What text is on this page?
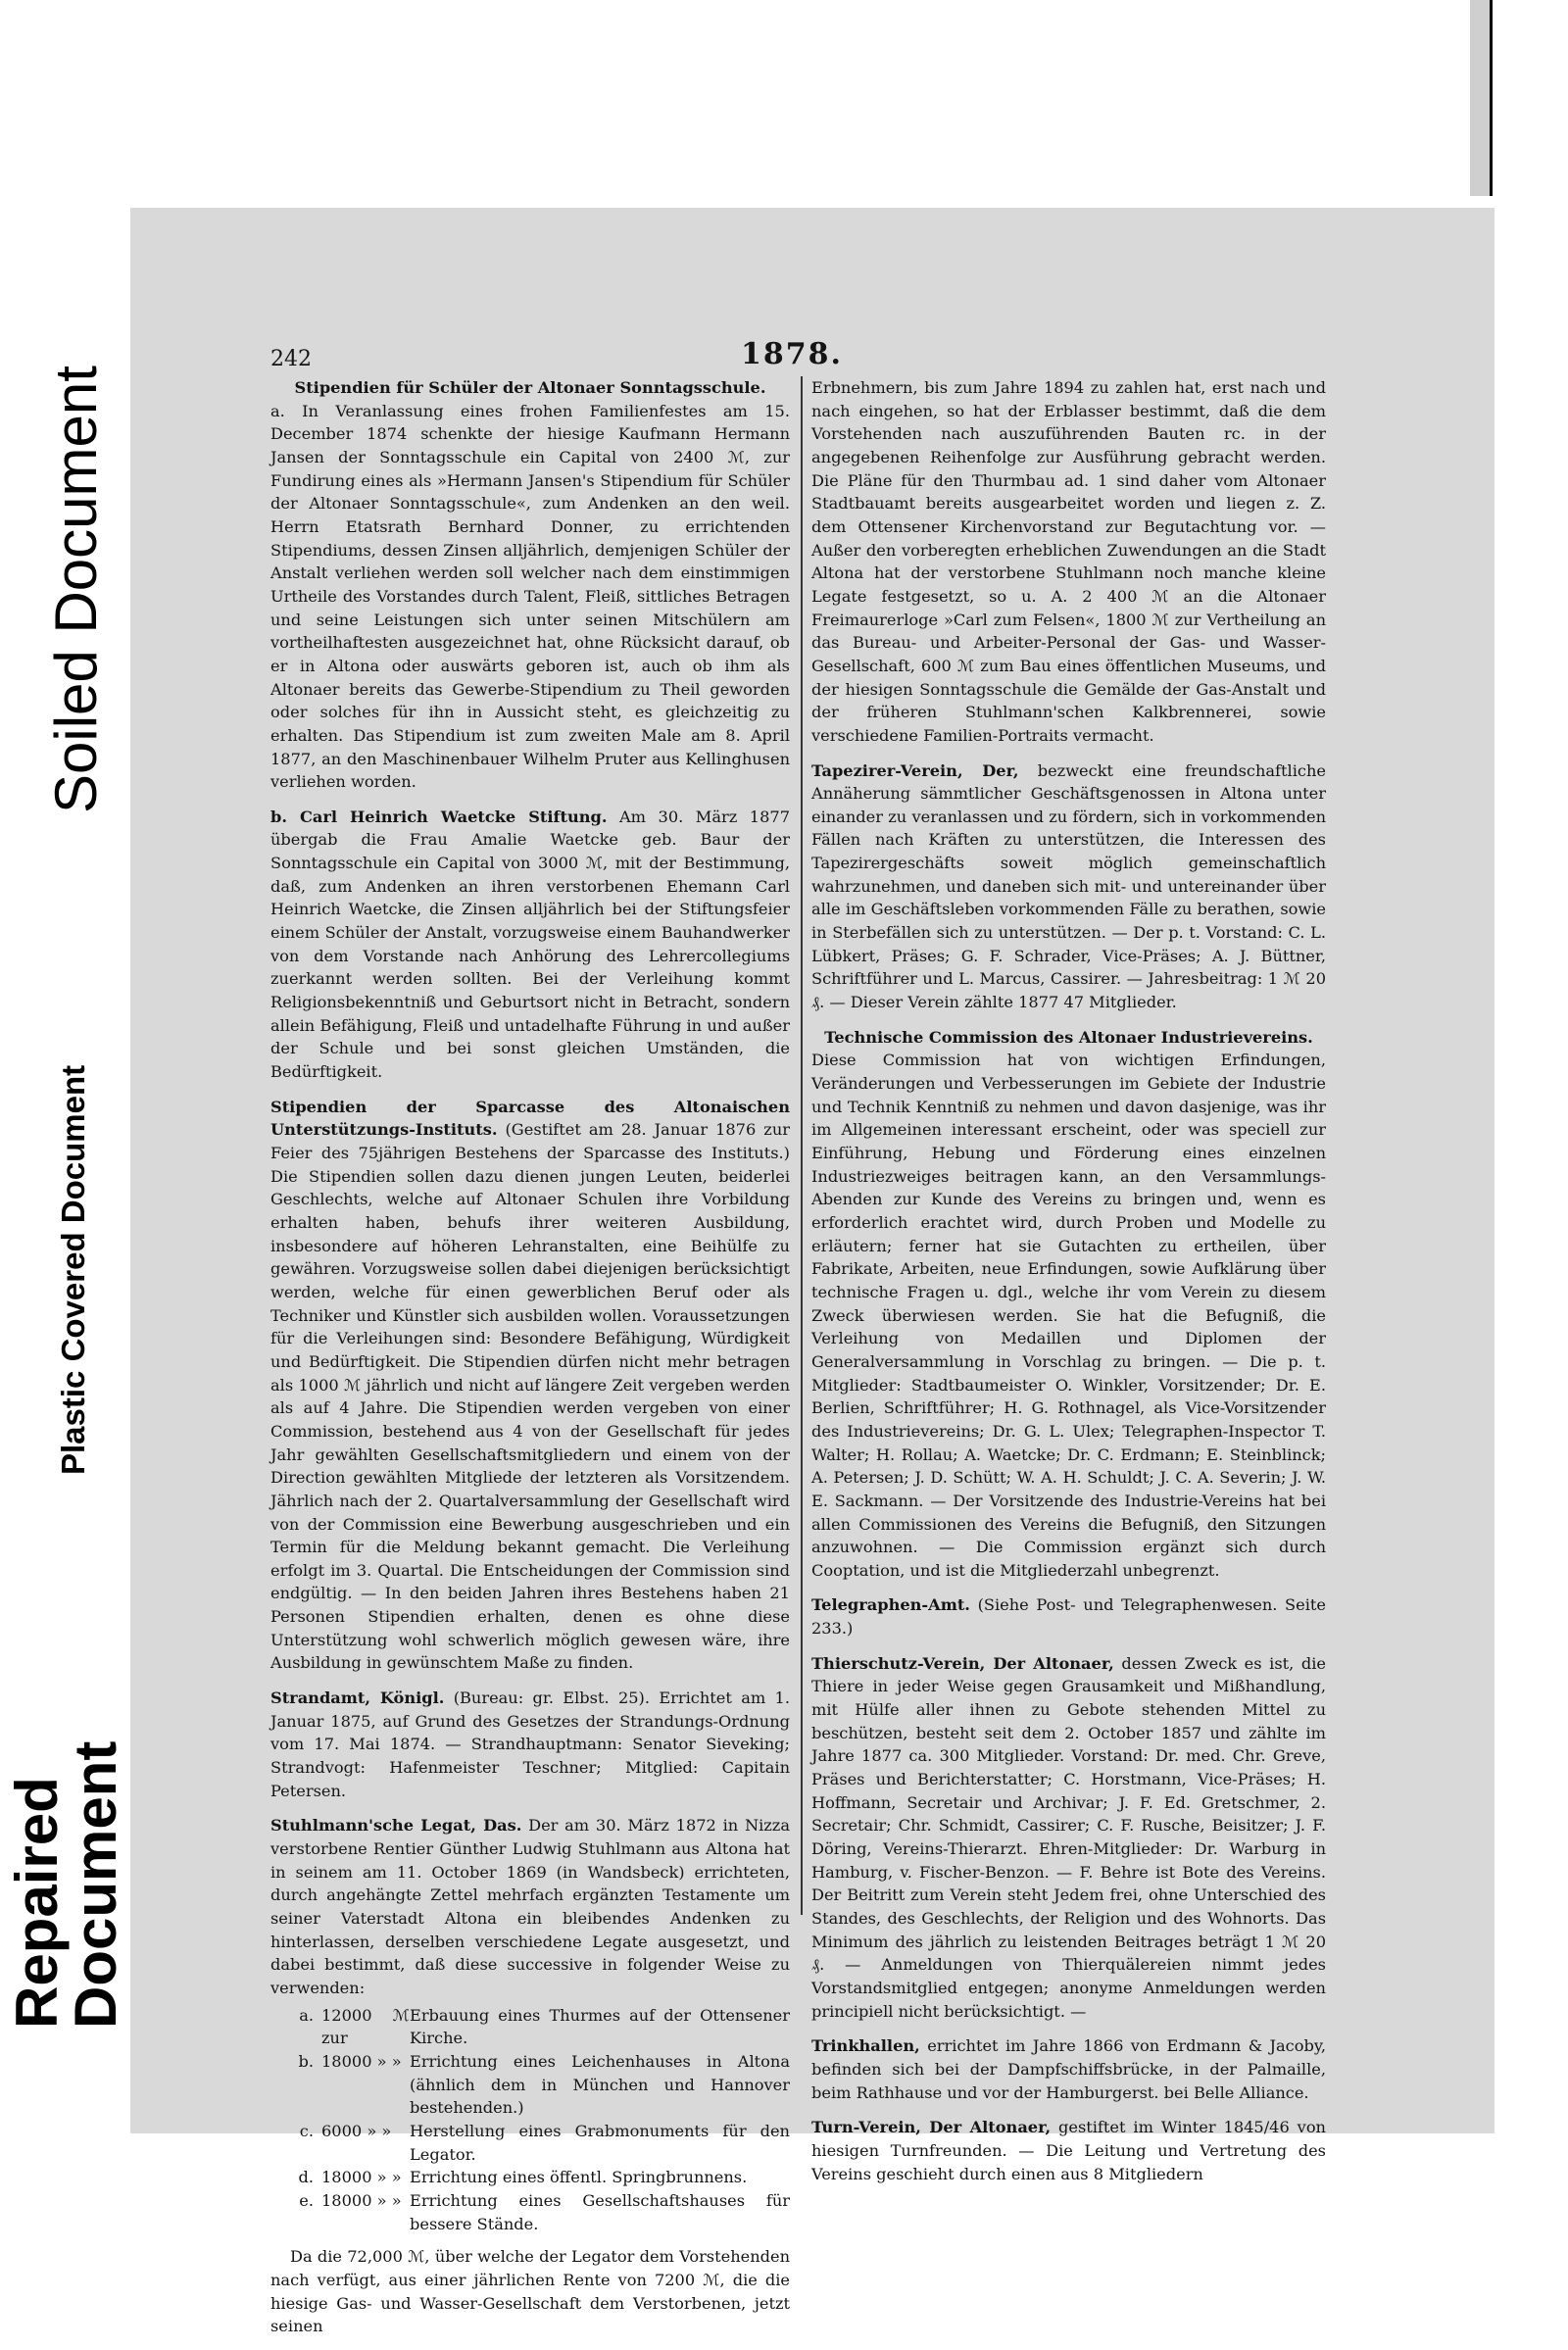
Repaired
Document
Plastic Covered Document
Soiled Document
242	1878.
Stipendien für Schüler der Altonaer Sonntagsschule.

a. In Veranlassung eines frohen Familienfestes am 15. December 1874 schenkte der hiesige Kaufmann Hermann Jansen der Sonntagsschule ein Capital von 2400 ℳ, zur Fundirung eines als »Hermann Jansen's Stipendium für Schüler der Altonaer Sonntagsschule«, zum Andenken an den weil. Herrn Etatsrath Bernhard Donner, zu errichtenden Stipendiums, dessen Zinsen alljährlich, demjenigen Schüler der Anstalt verliehen werden soll welcher nach dem einstimmigen Urtheile des Vorstandes durch Talent, Fleiß, sittliches Betragen und seine Leistungen sich unter seinen Mitschülern am vortheilhaftesten ausgezeichnet hat, ohne Rücksicht darauf, ob er in Altona oder auswärts geboren ist, auch ob ihm als Altonaer bereits das Gewerbe-Stipendium zu Theil geworden oder solches für ihn in Aussicht steht, es gleichzeitig zu erhalten. Das Stipendium ist zum zweiten Male am 8. April 1877, an den Maschinenbauer Wilhelm Pruter aus Kellinghusen verliehen worden.

b. Carl Heinrich Waetcke Stiftung. Am 30. März 1877 übergab die Frau Amalie Waetcke geb. Baur der Sonntagsschule ein Capital von 3000 ℳ, mit der Bestimmung, daß, zum Andenken an ihren verstorbenen Ehemann Carl Heinrich Waetcke, die Zinsen alljährlich bei der Stiftungsfeier einem Schüler der Anstalt, vorzugsweise einem Bauhandwerker von dem Vorstande nach Anhörung des Lehrercollegiums zuerkannt werden sollten. Bei der Verleihung kommt Religionsbekenntniß und Geburtsort nicht in Betracht, sondern allein Befähigung, Fleiß und untadelhafte Führung in und außer der Schule und bei sonst gleichen Umständen, die Bedürftigkeit.

Stipendien der Sparcasse des Altonaischen Unterstützungs-Instituts. (Gestiftet am 28. Januar 1876 zur Feier des 75jährigen Bestehens der Sparcasse des Instituts.) Die Stipendien sollen dazu dienen jungen Leuten, beiderlei Geschlechts, welche auf Altonaer Schulen ihre Vorbildung erhalten haben, behufs ihrer weiteren Ausbildung, insbesondere auf höheren Lehranstalten, eine Beihülfe zu gewähren. Vorzugsweise sollen dabei diejenigen berücksichtigt werden, welche für einen gewerblichen Beruf oder als Techniker und Künstler sich ausbilden wollen. Voraussetzungen für die Verleihungen sind: Besondere Befähigung, Würdigkeit und Bedürftigkeit. Die Stipendien dürfen nicht mehr betragen als 1000 ℳ jährlich und nicht auf längere Zeit vergeben werden als auf 4 Jahre. Die Stipendien werden vergeben von einer Commission, bestehend aus 4 von der Gesellschaft für jedes Jahr gewählten Gesellschaftsmitgliedern und einem von der Direction gewählten Mitgliede der letzteren als Vorsitzendem. Jährlich nach der 2. Quartalversammlung der Gesellschaft wird von der Commission eine Bewerbung ausgeschrieben und ein Termin für die Meldung bekannt gemacht. Die Verleihung erfolgt im 3. Quartal. Die Entscheidungen der Commission sind endgültig. — In den beiden Jahren ihres Bestehens haben 21 Personen Stipendien erhalten, denen es ohne diese Unterstützung wohl schwerlich möglich gewesen wäre, ihre Ausbildung in gewünschtem Maße zu finden.

Strandamt, Königl. (Bureau: gr. Elbst. 25). Errichtet am 1. Januar 1875, auf Grund des Gesetzes der Strandungs-Ordnung vom 17. Mai 1874. — Strandhauptmann: Senator Sieveking; Strandvogt: Hafenmeister Teschner; Mitglied: Capitain Petersen.

Stuhlmann'sche Legat, Das. Der am 30. März 1872 in Nizza verstorbene Rentier Günther Ludwig Stuhlmann aus Altona hat in seinem am 11. October 1869 (in Wandsbeck) errichteten, durch angehängte Zettel mehrfach ergänzten Testamente um seiner Vaterstadt Altona ein bleibendes Andenken zu hinterlassen, derselben verschiedene Legate ausgesetzt, und dabei bestimmt, daß diese successive in folgender Weise zu verwenden:

a. 12000 ℳ zur
Erbauung eines Thurmes auf der Ottensener Kirche.
b. 18000 » » Errichtung eines Leichenhauses in Altona (ähnlich dem in München und Hannover bestehenden.)
c. 6000 » »	Herstellung eines Grabmonuments für den Legator.
d. 18000 » » Errichtung eines öffentl. Springbrunnens.
e. 18000 » » Errichtung eines Gesellschaftshauses für bessere Stände.

Da die 72,000 ℳ, über welche der Legator dem Vorstehenden nach verfügt, aus einer jährlichen Rente von 7200 ℳ, die die hiesige Gas- und Wasser-Gesellschaft dem Verstorbenen, jetzt seinen

Erbnehmern, bis zum Jahre 1894 zu zahlen hat, erst nach und nach eingehen, so hat der Erblasser bestimmt, daß die dem Vorstehenden nach auszuführenden Bauten rc. in der angegebenen Reihenfolge zur Ausführung gebracht werden. Die Pläne für den Thurmbau ad. 1 sind daher vom Altonaer Stadtbauamt bereits ausgearbeitet worden und liegen z. Z. dem Ottensener Kirchenvorstand zur Begutachtung vor. — Außer den vorberegten erheblichen Zuwendungen an die Stadt Altona hat der verstorbene Stuhlmann noch manche kleine Legate festgesetzt, so u. A. 2 400 ℳ an die Altonaer Freimaurerloge »Carl zum Felsen«, 1800 ℳ zur Vertheilung an das Bureau- und Arbeiter-Personal der Gas- und Wasser-Gesellschaft, 600 ℳ zum Bau eines öffentlichen Museums, und der hiesigen Sonntagsschule die Gemälde der Gas-Anstalt und der früheren Stuhlmann'schen Kalkbrennerei, sowie verschiedene Familien-Portraits vermacht.

Tapezirer-Verein, Der, bezweckt eine freundschaftliche Annäherung sämmtlicher Geschäftsgenossen in Altona unter einander zu veranlassen und zu fördern, sich in vorkommenden Fällen nach Kräften zu unterstützen, die Interessen des Tapezirergeschäfts soweit möglich gemeinschaftlich wahrzunehmen, und daneben sich mit- und untereinander über alle im Geschäftsleben vorkommenden Fälle zu berathen, sowie in Sterbefällen sich zu unterstützen. — Der p. t. Vorstand: C. L. Lübkert, Präses; G. F. Schrader, Vice-Präses; A. J. Büttner, Schriftführer und L. Marcus, Cassirer. — Jahresbeitrag: 1 ℳ 20 ₰. — Dieser Verein zählte 1877 47 Mitglieder.

Technische Commission des Altonaer Industrievereins.

Diese Commission hat von wichtigen Erfindungen, Veränderungen und Verbesserungen im Gebiete der Industrie und Technik Kenntniß zu nehmen und davon dasjenige, was ihr im Allgemeinen interessant erscheint, oder was speciell zur Einführung, Hebung und Förderung eines einzelnen Industriezweiges beitragen kann, an den Versammlungs-Abenden zur Kunde des Vereins zu bringen und, wenn es erforderlich erachtet wird, durch Proben und Modelle zu erläutern; ferner hat sie Gutachten zu ertheilen, über Fabrikate, Arbeiten, neue Erfindungen, sowie Aufklärung über technische Fragen u. dgl., welche ihr vom Verein zu diesem Zweck überwiesen werden. Sie hat die Befugniß, die Verleihung von Medaillen und Diplomen der Generalversammlung in Vorschlag zu bringen. — Die p. t. Mitglieder: Stadtbaumeister O. Winkler, Vorsitzender; Dr. E. Berlien, Schriftführer; H. G. Rothnagel, als Vice-Vorsitzender des Industrievereins; Dr. G. L. Ulex; Telegraphen-Inspector T. Walter; H. Rollau; A. Waetcke; Dr. C. Erdmann; E. Steinblinck; A. Petersen; J. D. Schütt; W. A. H. Schuldt; J. C. A. Severin; J. W. E. Sackmann. — Der Vorsitzende des Industrie-Vereins hat bei allen Commissionen des Vereins die Befugniß, den Sitzungen anzuwohnen. — Die Commission ergänzt sich durch Cooptation, und ist die Mitgliederzahl unbegrenzt.

Telegraphen-Amt. (Siehe Post- und Telegraphenwesen. Seite 233.)

Thierschutz-Verein, Der Altonaer, dessen Zweck es ist, die Thiere in jeder Weise gegen Grausamkeit und Mißhandlung, mit Hülfe aller ihnen zu Gebote stehenden Mittel zu beschützen, besteht seit dem 2. October 1857 und zählte im Jahre 1877 ca. 300 Mitglieder. Vorstand: Dr. med. Chr. Greve, Präses und Berichterstatter; C. Horstmann, Vice-Präses; H. Hoffmann, Secretair und Archivar; J. F. Ed. Gretschmer, 2. Secretair; Chr. Schmidt, Cassirer; C. F. Rusche, Beisitzer; J. F. Döring, Vereins-Thierarzt. Ehren-Mitglieder: Dr. Warburg in Hamburg, v. Fischer-Benzon. — F. Behre ist Bote des Vereins. Der Beitritt zum Verein steht Jedem frei, ohne Unterschied des Standes, des Geschlechts, der Religion und des Wohnorts. Das Minimum des jährlich zu leistenden Beitrages beträgt 1 ℳ 20 ₰. — Anmeldungen von Thierquälereien nimmt jedes Vorstandsmitglied entgegen; anonyme Anmeldungen werden principiell nicht berücksichtigt. —

Trinkhallen, errichtet im Jahre 1866 von Erdmann & Jacoby, befinden sich bei der Dampfschiffsbrücke, in der Palmaille, beim Rathhause und vor der Hamburgerst. bei Belle Alliance.

Turn-Verein, Der Altonaer, gestiftet im Winter 1845/46 von hiesigen Turnfreunden. — Die Leitung und Vertretung des Vereins geschieht durch einen aus 8 Mitgliedern
